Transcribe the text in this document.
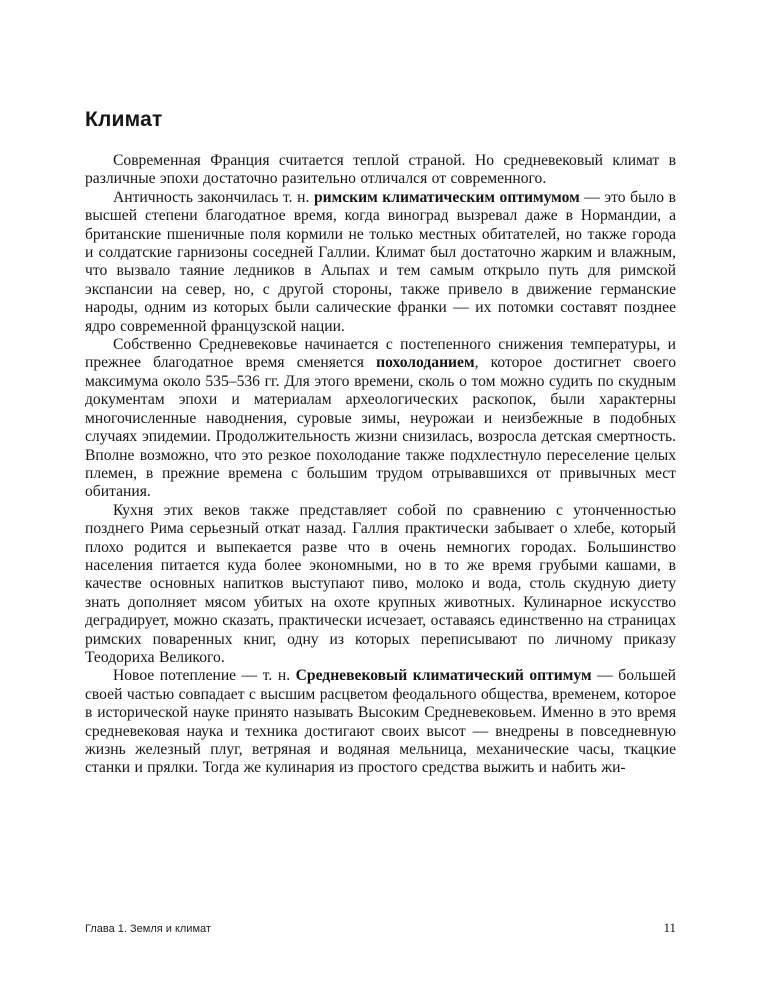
Климат

Современная Франция считается теплой страной. Но средневековый климат в различные эпохи достаточно разительно отличался от современного.

Античность закончилась т. н. римским климатическим оптимумом — это было в высшей степени благодатное время, когда виноград вызревал даже в Нормандии, а британские пшеничные поля кормили не только местных обитателей, но также города и солдатские гарнизоны соседней Галлии. Климат был достаточно жарким и влажным, что вызвало таяние ледников в Альпах и тем самым открыло путь для римской экспансии на север, но, с другой стороны, также привело в движение германские народы, одним из которых были салические франки — их потомки составят позднее ядро современной французской нации.

Собственно Средневековье начинается с постепенного снижения температуры, и прежнее благодатное время сменяется похолоданием, которое достигнет своего максимума около 535–536 гг. Для этого времени, сколь о том можно судить по скудным документам эпохи и материалам археологических раскопок, были характерны многочисленные наводнения, суровые зимы, неурожаи и неизбежные в подобных случаях эпидемии. Продолжительность жизни снизилась, возросла детская смертность. Вполне возможно, что это резкое похолодание также подхлестнуло переселение целых племен, в прежние времена с большим трудом отрывавшихся от привычных мест обитания.

Кухня этих веков также представляет собой по сравнению с утонченностью позднего Рима серьезный откат назад. Галлия практически забывает о хлебе, который плохо родится и выпекается разве что в очень немногих городах. Большинство населения питается куда более экономными, но в то же время грубыми кашами, в качестве основных напитков выступают пиво, молоко и вода, столь скудную диету знать дополняет мясом убитых на охоте крупных животных. Кулинарное искусство деградирует, можно сказать, практически исчезает, оставаясь единственно на страницах римских поваренных книг, одну из которых переписывают по личному приказу Теодориха Великого.

Новое потепление — т. н. Средневековый климатический оптимум — большей своей частью совпадает с высшим расцветом феодального общества, временем, которое в исторической науке принято называть Высоким Средневековьем. Именно в это время средневековая наука и техника достигают своих высот — внедрены в повседневную жизнь железный плуг, ветряная и водяная мельница, механические часы, ткацкие станки и прялки. Тогда же кулинария из простого средства выжить и набить жи-

Глава 1. Земля и климат	11
